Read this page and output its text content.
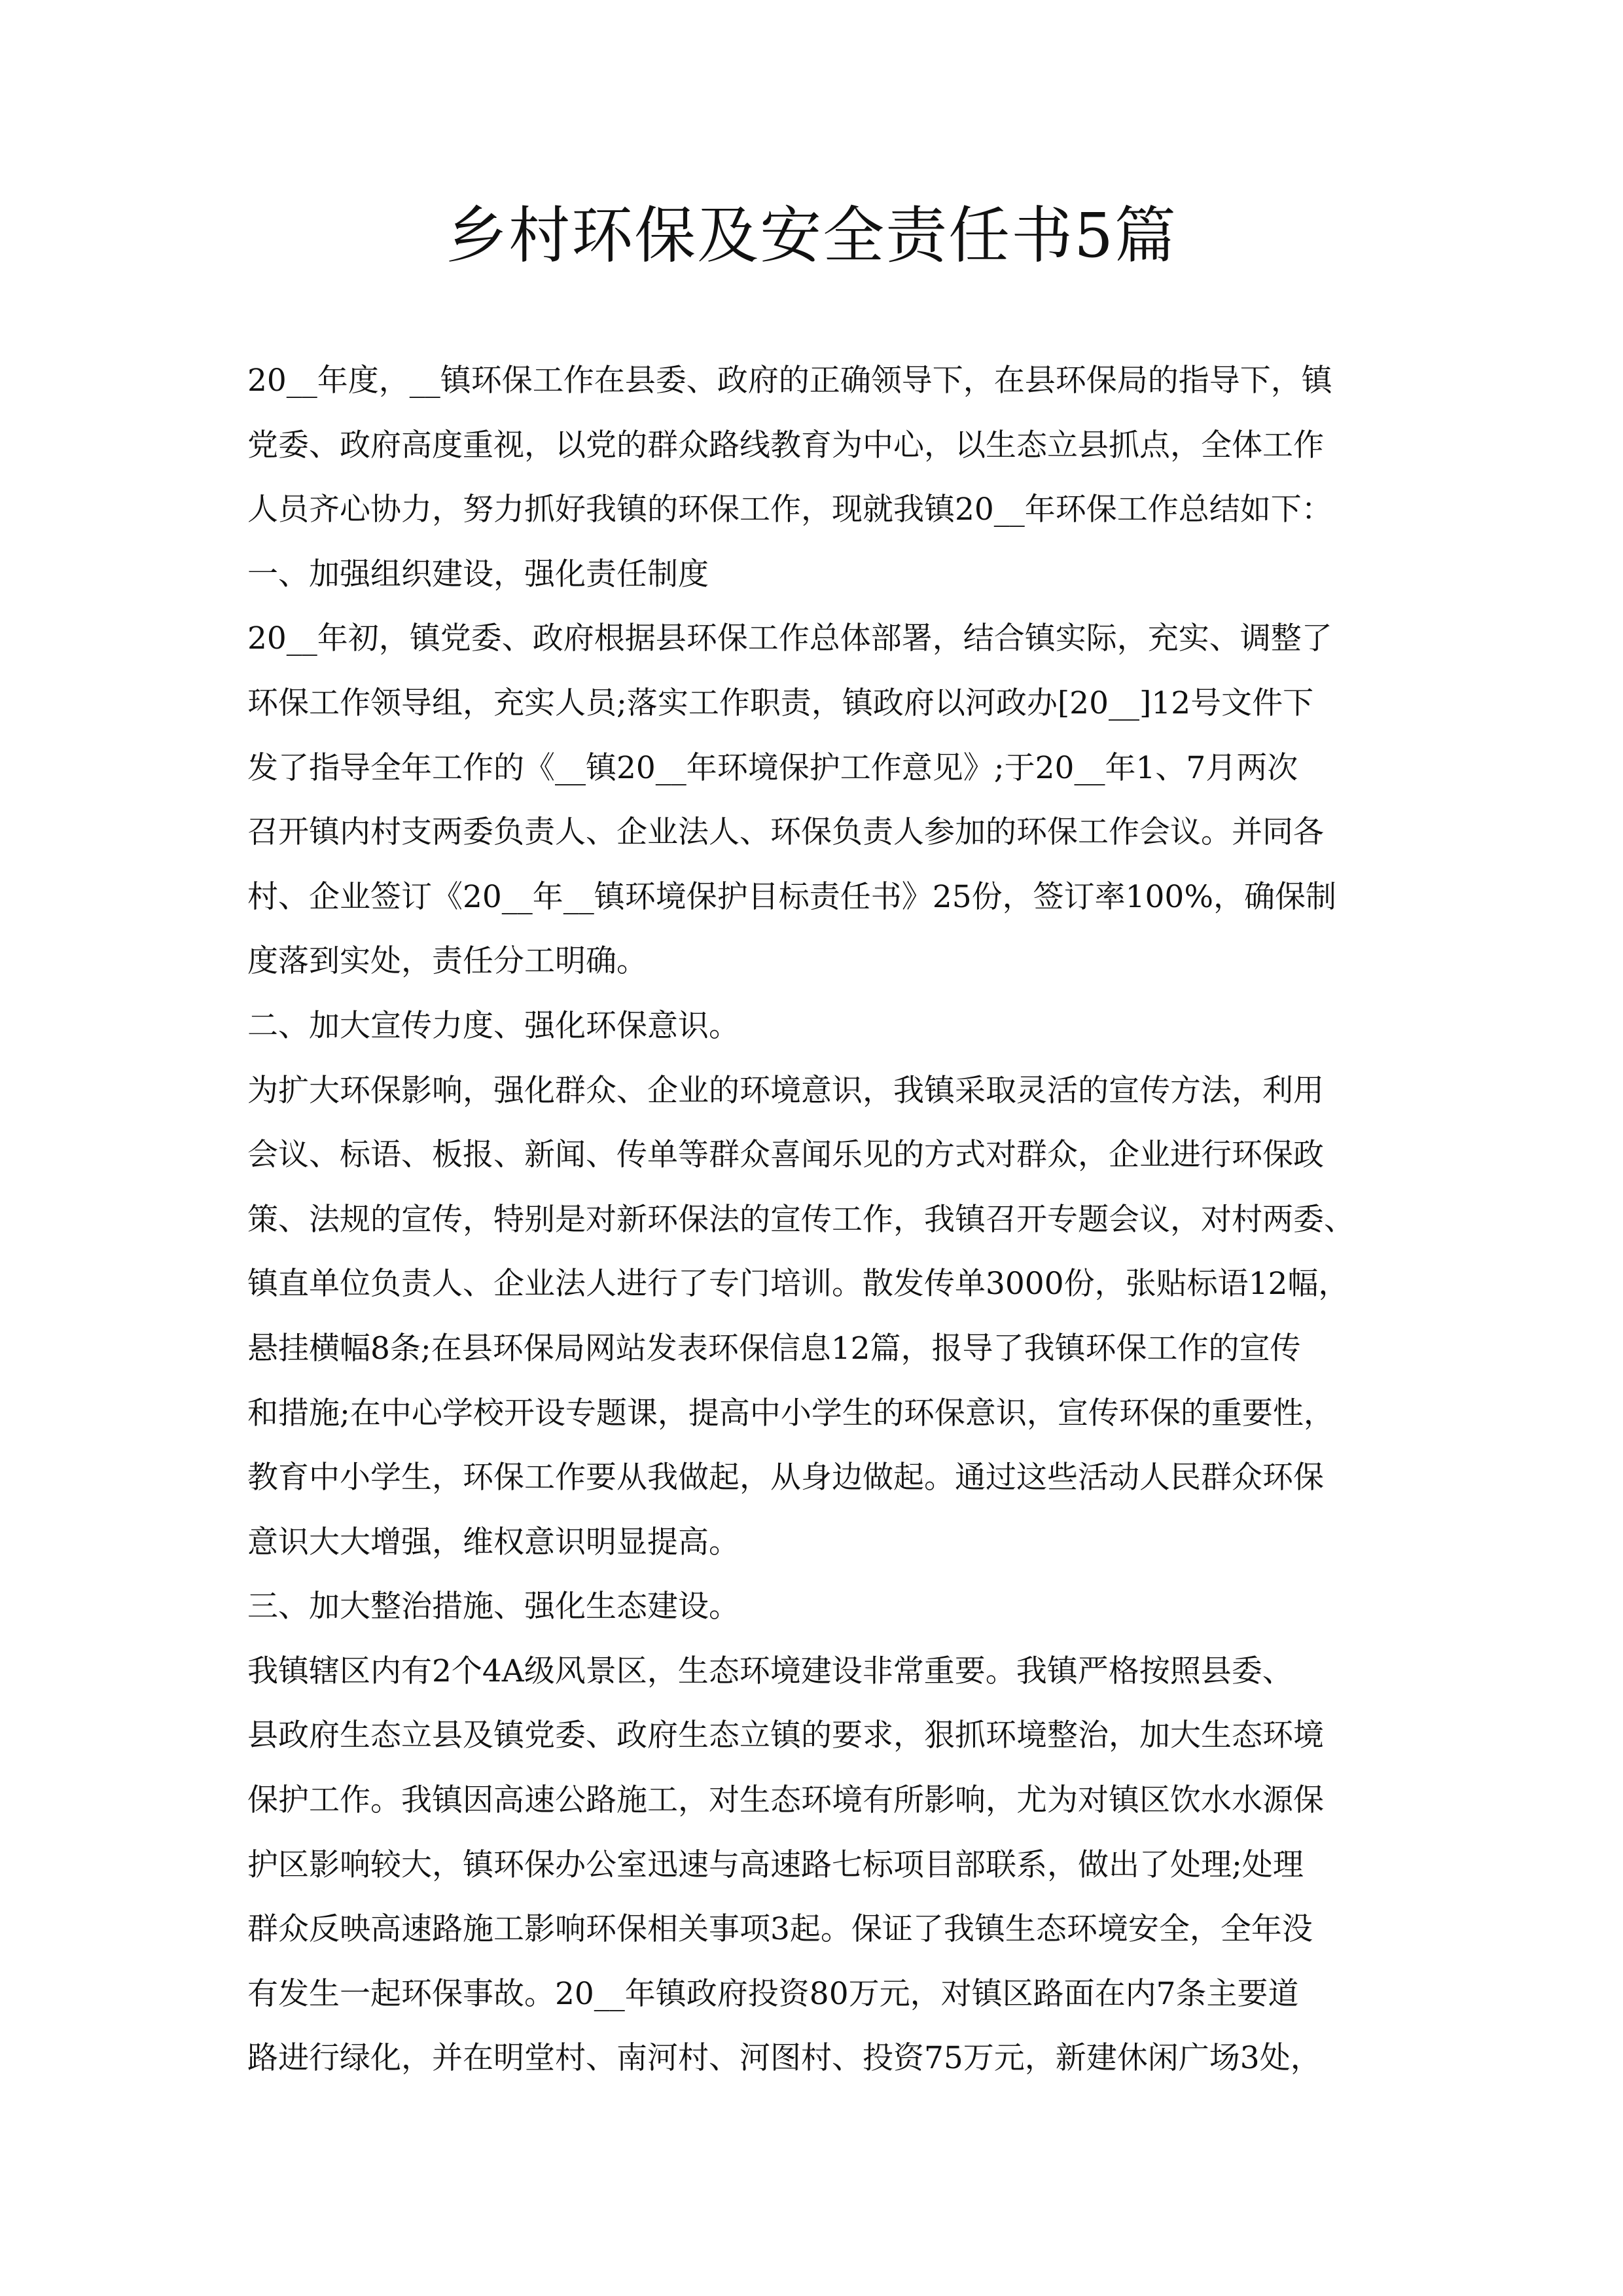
乡村环保及安全责任书5篇
20__年度，__镇环保工作在县委、政府的正确领导下，在县环保局的指导下，镇
党委、政府高度重视，以党的群众路线教育为中心，以生态立县抓点，全体工作
人员齐心协力，努力抓好我镇的环保工作，现就我镇20__年环保工作总结如下：
一、加强组织建设，强化责任制度
20__年初，镇党委、政府根据县环保工作总体部署，结合镇实际，充实、调整了
环保工作领导组，充实人员;落实工作职责，镇政府以河政办[20__]12号文件下
发了指导全年工作的《__镇20__年环境保护工作意见》;于20__年1、7月两次
召开镇内村支两委负责人、企业法人、环保负责人参加的环保工作会议。并同各
村、企业签订《20__年__镇环境保护目标责任书》25份，签订率100%，确保制
度落到实处，责任分工明确。
二、加大宣传力度、强化环保意识。
为扩大环保影响，强化群众、企业的环境意识，我镇采取灵活的宣传方法，利用
会议、标语、板报、新闻、传单等群众喜闻乐见的方式对群众，企业进行环保政
策、法规的宣传，特别是对新环保法的宣传工作，我镇召开专题会议，对村两委、
镇直单位负责人、企业法人进行了专门培训。散发传单3000份，张贴标语12幅，
悬挂横幅8条;在县环保局网站发表环保信息12篇，报导了我镇环保工作的宣传
和措施;在中心学校开设专题课，提高中小学生的环保意识，宣传环保的重要性，
教育中小学生，环保工作要从我做起，从身边做起。通过这些活动人民群众环保
意识大大增强，维权意识明显提高。
三、加大整治措施、强化生态建设。
我镇辖区内有2个4A级风景区，生态环境建设非常重要。我镇严格按照县委、
县政府生态立县及镇党委、政府生态立镇的要求，狠抓环境整治，加大生态环境
保护工作。我镇因高速公路施工，对生态环境有所影响，尤为对镇区饮水水源保
护区影响较大，镇环保办公室迅速与高速路七标项目部联系，做出了处理;处理
群众反映高速路施工影响环保相关事项3起。保证了我镇生态环境安全，全年没
有发生一起环保事故。20__年镇政府投资80万元，对镇区路面在内7条主要道
路进行绿化，并在明堂村、南河村、河图村、投资75万元，新建休闲广场3处，
